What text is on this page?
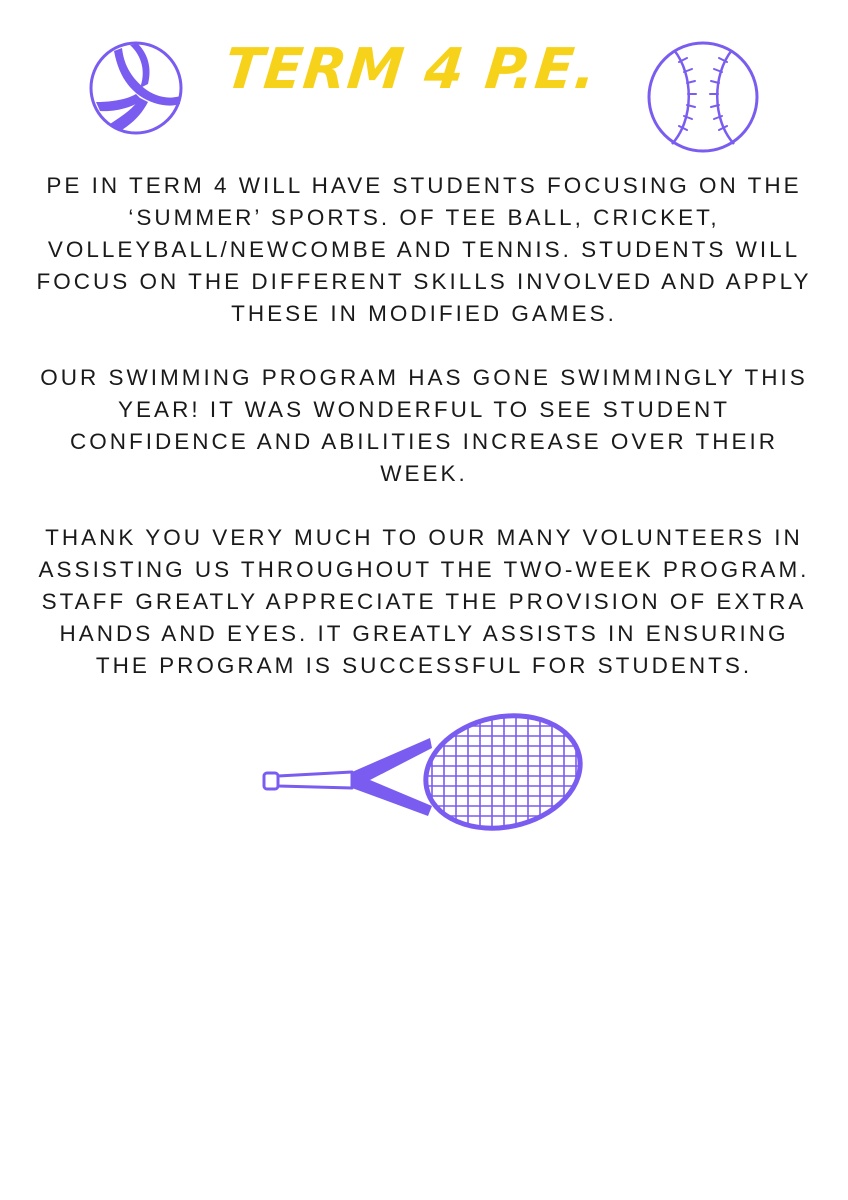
TERM 4 P.E.

PE IN TERM 4 WILL HAVE STUDENTS FOCUSING ON THE ‘SUMMER’ SPORTS. OF TEE BALL, CRICKET, VOLLEYBALL/NEWCOMBE AND TENNIS. STUDENTS WILL FOCUS ON THE DIFFERENT SKILLS INVOLVED AND APPLY THESE IN MODIFIED GAMES.

OUR SWIMMING PROGRAM HAS GONE SWIMMINGLY THIS YEAR! IT WAS WONDERFUL TO SEE STUDENT CONFIDENCE AND ABILITIES INCREASE OVER THEIR WEEK.

THANK YOU VERY MUCH TO OUR MANY VOLUNTEERS IN ASSISTING US THROUGHOUT THE TWO-WEEK PROGRAM. STAFF GREATLY APPRECIATE THE PROVISION OF EXTRA HANDS AND EYES. IT GREATLY ASSISTS IN ENSURING THE PROGRAM IS SUCCESSFUL FOR STUDENTS.
